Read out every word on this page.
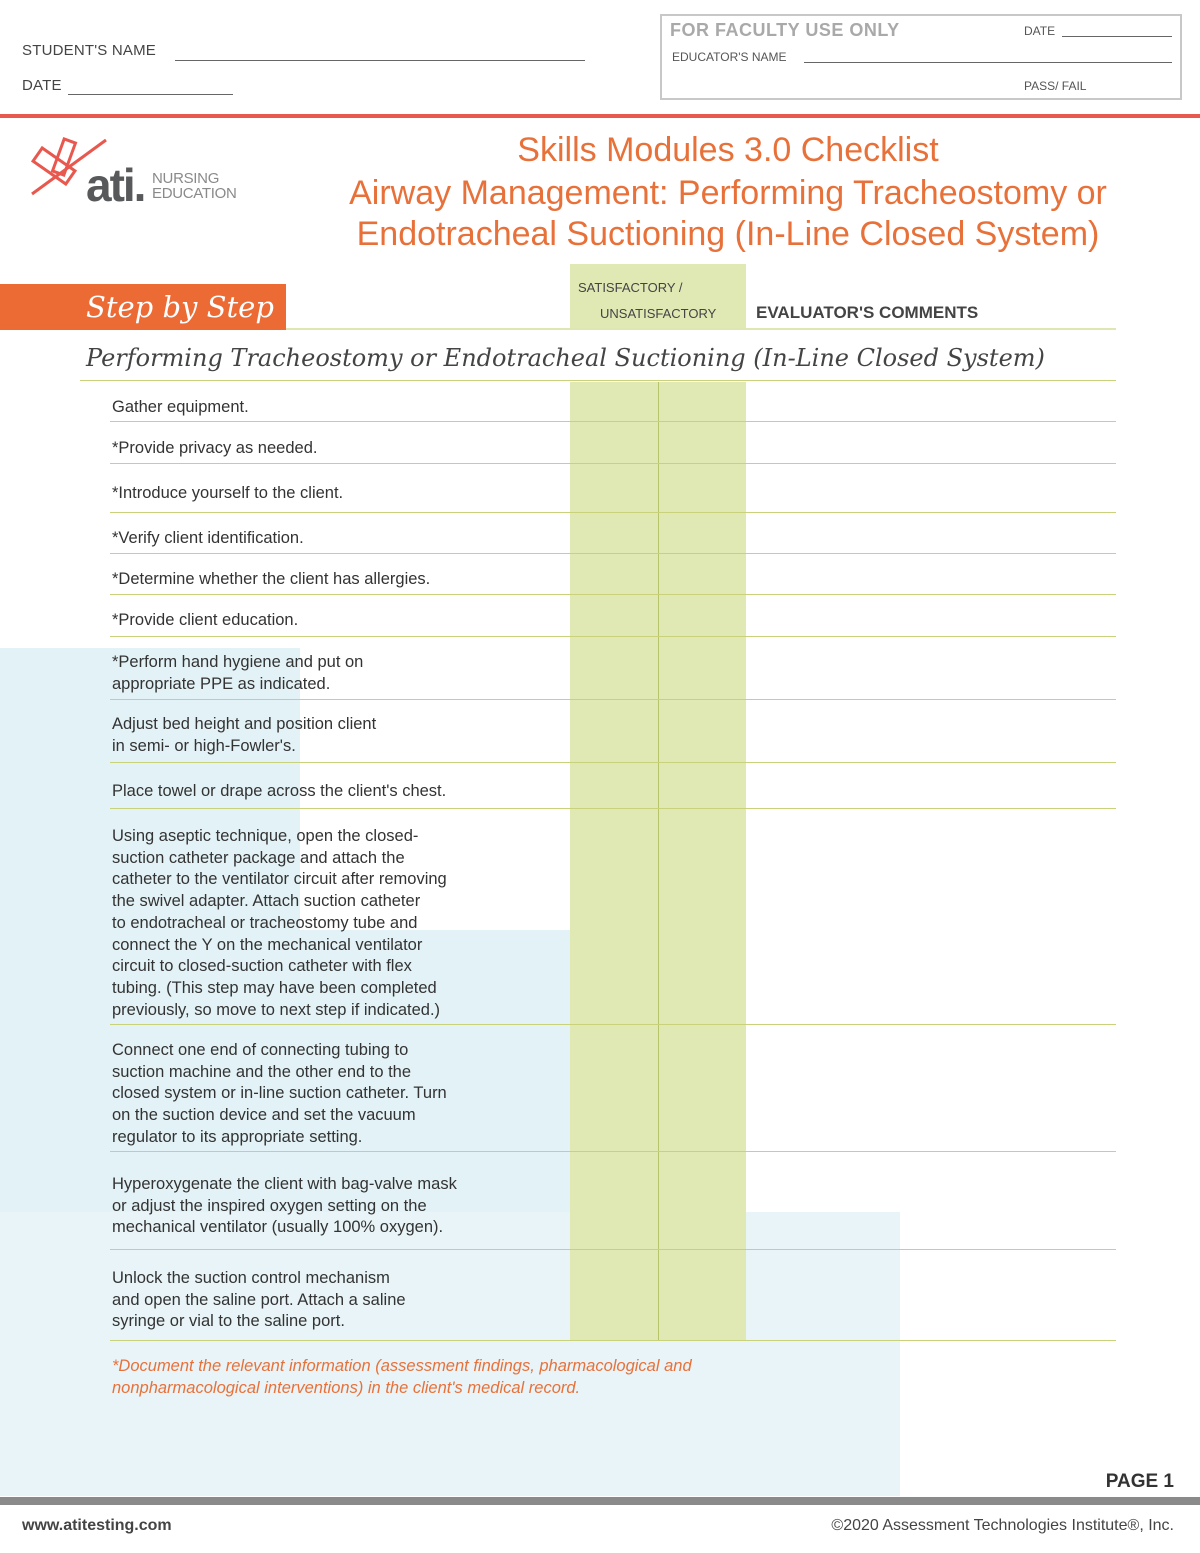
STUDENT'S NAME
DATE
FOR FACULTY USE ONLY	DATE
EDUCATOR'S NAME
PASS/ FAIL
ati. NURSING
EDUCATION
Skills Modules 3.0 Checklist
Airway Management: Performing Tracheostomy or
Endotracheal Suctioning (In-Line Closed System)
Step by Step
SATISFACTORY /
UNSATISFACTORY EVALUATOR'S COMMENTS
Performing Tracheostomy or Endotracheal Suctioning (In-Line Closed System)
Gather equipment.
*Provide privacy as needed.
*Introduce yourself to the client.
*Verify client identification.
*Determine whether the client has allergies.
*Provide client education.
*Perform hand hygiene and put on
appropriate PPE as indicated.
Adjust bed height and position client
in semi- or high-Fowler's.
Place towel or drape across the client's chest.
Using aseptic technique, open the closed-
suction catheter package and attach the
catheter to the ventilator circuit after removing
the swivel adapter. Attach suction catheter
to endotracheal or tracheostomy tube and
connect the Y on the mechanical ventilator
circuit to closed-suction catheter with flex
tubing. (This step may have been completed
previously, so move to next step if indicated.)
Connect one end of connecting tubing to
suction machine and the other end to the
closed system or in-line suction catheter. Turn
on the suction device and set the vacuum
regulator to its appropriate setting.
Hyperoxygenate the client with bag-valve mask
or adjust the inspired oxygen setting on the
mechanical ventilator (usually 100% oxygen).
Unlock the suction control mechanism
and open the saline port. Attach a saline
syringe or vial to the saline port.
*Document the relevant information (assessment findings, pharmacological and
nonpharmacological interventions) in the client's medical record.
PAGE 1
www.atitesting.com	©2020 Assessment Technologies Institute®, Inc.
